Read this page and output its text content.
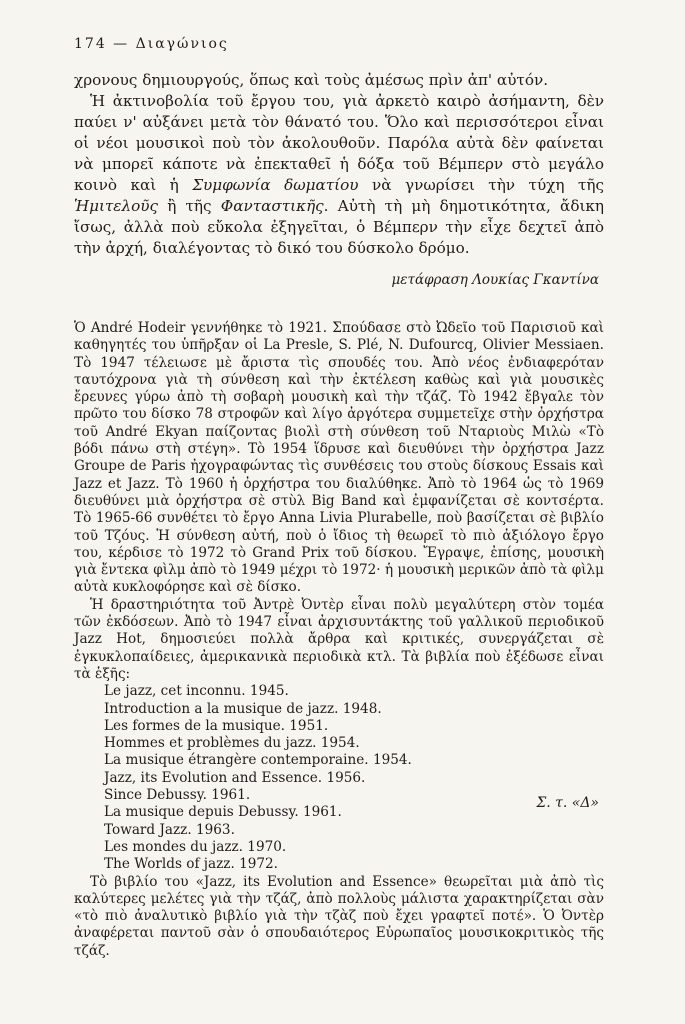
174 — Διαγώνιος

χρονους δημιουργούς, ὅπως καὶ τοὺς ἀμέσως πρὶν ἀπ' αὐτόν.

Ἡ ἀκτινοβολία τοῦ ἔργου του, γιὰ ἀρκετὸ καιρὸ ἀσήμαντη, δὲν παύει ν' αὐξάνει μετὰ τὸν θάνατό του. Ὅλο καὶ περισσότεροι εἶναι οἱ νέοι μουσικοὶ ποὺ τὸν ἀκολουθοῦν. Παρόλα αὐτὰ δὲν φαίνεται νὰ μπορεῖ κάποτε νὰ ἐπεκταθεῖ ἡ δόξα τοῦ Βέμπερν στὸ μεγάλο κοινὸ καὶ ἡ Συμφωνία δωματίου νὰ γνωρίσει τὴν τύχη τῆς Ἡμιτελοῦς ἢ τῆς Φανταστικῆς. Αὐτὴ τὴ μὴ δημοτικότητα, ἄδικη ἴσως, ἀλλὰ ποὺ εὔκολα ἐξηγεῖται, ὁ Βέμπερν τὴν εἶχε δεχτεῖ ἀπὸ τὴν ἀρχή, διαλέγοντας τὸ δικό του δύσκολο δρόμο.

μετάφραση Λουκίας Γκαντίνα

Ὁ André Hodeir γεννήθηκε τὸ 1921. Σπούδασε στὸ Ὠδεῖο τοῦ Παρισιοῦ καὶ καθηγητές του ὑπῆρξαν οἱ La Presle, S. Plé, N. Dufourcq, Olivier Messiaen. Τὸ 1947 τέλειωσε μὲ ἄριστα τὶς σπουδές του. Ἀπὸ νέος ἐνδιαφερόταν ταυτόχρονα γιὰ τὴ σύνθεση καὶ τὴν ἐκτέλεση καθὼς καὶ γιὰ μουσικὲς ἔρευνες γύρω ἀπὸ τὴ σοβαρὴ μουσικὴ καὶ τὴν τζάζ. Τὸ 1942 ἔβγαλε τὸν πρῶτο του δίσκο 78 στροφῶν καὶ λίγο ἀργότερα συμμετεῖχε στὴν ὀρχήστρα τοῦ André Ekyan παίζοντας βιολὶ στὴ σύνθεση τοῦ Νταριοὺς Μιλὼ «Τὸ βόδι πάνω στὴ στέγη». Τὸ 1954 ἵδρυσε καὶ διευθύνει τὴν ὀρχήστρα Jazz Groupe de Paris ἠχογραφώντας τὶς συνθέσεις του στοὺς δίσκους Essais καὶ Jazz et Jazz. Τὸ 1960 ἡ ὀρχήστρα του διαλύθηκε. Ἀπὸ τὸ 1964 ὡς τὸ 1969 διευθύνει μιὰ ὀρχήστρα σὲ στὺλ Big Band καὶ ἐμφανίζεται σὲ κοντσέρτα. Τὸ 1965-66 συνθέτει τὸ ἔργο Anna Livia Plurabelle, ποὺ βασίζεται σὲ βιβλίο τοῦ Τζόυς. Ἡ σύνθεση αὐτή, ποὺ ὁ ἴδιος τὴ θεωρεῖ τὸ πιὸ ἀξιόλογο ἔργο του, κέρδισε τὸ 1972 τὸ Grand Prix τοῦ δίσκου. Ἔγραψε, ἐπίσης, μουσικὴ γιὰ ἔντεκα φὶλμ ἀπὸ τὸ 1949 μέχρι τὸ 1972· ἡ μουσικὴ μερικῶν ἀπὸ τὰ φὶλμ αὐτὰ κυκλοφόρησε καὶ σὲ δίσκο.

Ἡ δραστηριότητα τοῦ Ἀντρὲ Ὀντὲρ εἶναι πολὺ μεγαλύτερη στὸν τομέα τῶν ἐκδόσεων. Ἀπὸ τὸ 1947 εἶναι ἀρχισυντάκτης τοῦ γαλλικοῦ περιοδικοῦ Jazz Hot, δημοσιεύει πολλὰ ἄρθρα καὶ κριτικές, συνεργάζεται σὲ ἐγκυκλοπαίδειες, ἀμερικανικὰ περιοδικὰ κτλ. Τὰ βιβλία ποὺ ἐξέδωσε εἶναι τὰ ἑξῆς:

Le jazz, cet inconnu. 1945.
Introduction a la musique de jazz. 1948.
Les formes de la musique. 1951.
Hommes et problèmes du jazz. 1954.
La musique étrangère contemporaine. 1954.
Jazz, its Evolution and Essence. 1956.
Since Debussy. 1961.
La musique depuis Debussy. 1961.
Toward Jazz. 1963.
Les mondes du jazz. 1970.
The Worlds of jazz. 1972.

Τὸ βιβλίο του «Jazz, its Evolution and Essence» θεωρεῖται μιὰ ἀπὸ τὶς καλύτερες μελέτες γιὰ τὴν τζάζ, ἀπὸ πολλοὺς μάλιστα χαρακτηρίζεται σὰν «τὸ πιὸ ἀναλυτικὸ βιβλίο γιὰ τὴν τζὰζ ποὺ ἔχει γραφτεῖ ποτέ». Ὁ Ὀντὲρ ἀναφέρεται παντοῦ σὰν ὁ σπουδαιότερος Εὐρωπαῖος μουσικοκριτικὸς τῆς τζάζ.

Σ. τ. «Δ»
